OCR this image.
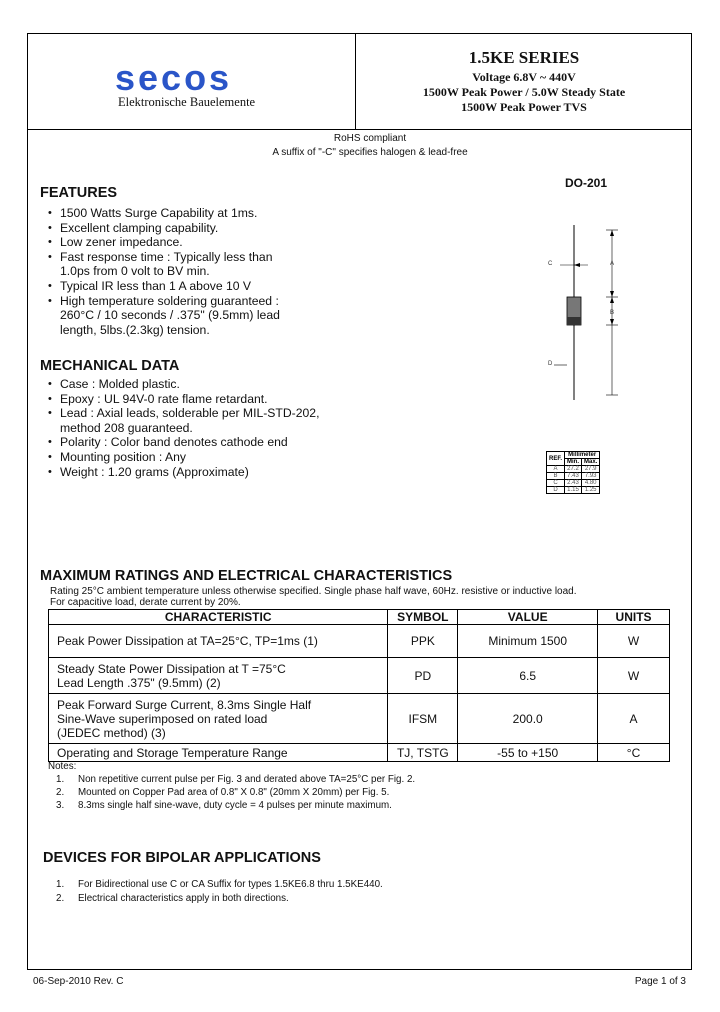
secos
Elektronische Bauelemente
1.5KE SERIES
Voltage 6.8V ~ 440V
1500W Peak Power / 5.0W Steady State
1500W Peak Power TVS
RoHS compliant
A suffix of "-C" specifies halogen & lead-free
FEATURES
• 1500 Watts Surge Capability at 1ms.
• Excellent clamping capability.
• Low zener impedance.
• Fast response time : Typically less than
1.0ps from 0 volt to BV min.
• Typical IR less than 1 A above 10 V
• High temperature soldering guaranteed :
260°C / 10 seconds / .375" (9.5mm) lead
length, 5lbs.(2.3kg) tension.
MECHANICAL DATA
• Case : Molded plastic.
• Epoxy : UL 94V-0 rate flame retardant.
• Lead : Axial leads, solderable per MIL-STD-202,
method 208 guaranteed.
• Polarity : Color band denotes cathode end
• Mounting position : Any
• Weight : 1.20 grams (Approximate)
DO-201
A
B
C
D
REF.	Millimeter	
	Min.	Max.
A	27.2	27.9
B	7.43	7.93
C	2.43	4.80
D	1.15	1.25
MAXIMUM RATINGS AND ELECTRICAL CHARACTERISTICS
Rating 25°C ambient temperature unless otherwise specified. Single phase half wave, 60Hz. resistive or inductive load.
For capacitive load, derate current by 20%.
CHARACTERISTIC	SYMBOL	VALUE	UNITS

Peak Power Dissipation at TA=25°C, TP=1ms (1)	PPK	Minimum 1500	W

Steady State Power Dissipation at T =75°C
Lead Length .375" (9.5mm) (2)	PD	6.5	W

Peak Forward Surge Current, 8.3ms Single Half
Sine-Wave superimposed on rated load
(JEDEC method) (3)	IFSM	200.0	A

Operating and Storage Temperature Range	TJ, TSTG	-55 to +150	°C
Notes:
1. Non repetitive current pulse per Fig. 3 and derated above TA=25°C per Fig. 2.
2. Mounted on Copper Pad area of 0.8" X 0.8" (20mm X 20mm) per Fig. 5.
3. 8.3ms single half sine-wave, duty cycle = 4 pulses per minute maximum.
DEVICES FOR BIPOLAR APPLICATIONS
1. For Bidirectional use C or CA Suffix for types 1.5KE6.8 thru 1.5KE440.
2. Electrical characteristics apply in both directions.
06-Sep-2010 Rev. C	Page 1 of 3
